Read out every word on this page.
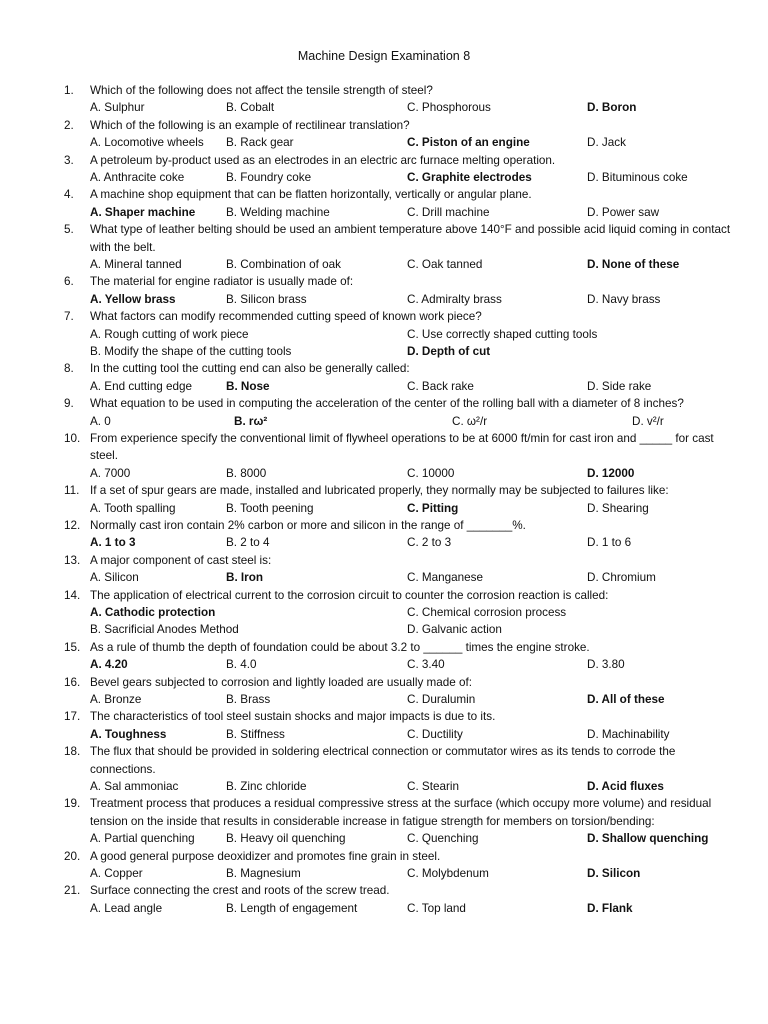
Machine Design Examination 8
1.	Which of the following does not affect the tensile strength of steel?
A. Sulphur	B. Cobalt	C. Phosphorous	D. Boron
2.	Which of the following is an example of rectilinear translation?
A. Locomotive wheels B. Rack gear	C. Piston of an engine	D. Jack
3.	A petroleum by-product used as an electrodes in an electric arc furnace melting operation.
A. Anthracite coke	B. Foundry coke	C. Graphite electrodes	D. Bituminous coke
4.	A machine shop equipment that can be flatten horizontally, vertically or angular plane.
A. Shaper machine	B. Welding machine	C. Drill machine	D. Power saw
5.	What type of leather belting should be used an ambient temperature above 140°F and possible acid liquid coming in contact with the belt.
A. Mineral tanned	B. Combination of oak	C. Oak tanned	D. None of these
6.	The material for engine radiator is usually made of:
A. Yellow brass	B. Silicon brass	C. Admiralty brass	D. Navy brass
7.	What factors can modify recommended cutting speed of known work piece?
A. Rough cutting of work piece	C. Use correctly shaped cutting tools
B. Modify the shape of the cutting tools	D. Depth of cut
8.	In the cutting tool the cutting end can also be generally called:
A. End cutting edge	B. Nose	C. Back rake	D. Side rake
9.	What equation to be used in computing the acceleration of the center of the rolling ball with a diameter of 8 inches?
A. 0	B. rω²	C. ω²/r	D. v²/r
10. From experience specify the conventional limit of flywheel operations to be at 6000 ft/min for cast iron and _____ for cast steel.
A. 7000	B. 8000	C. 10000	D. 12000
11. If a set of spur gears are made, installed and lubricated properly, they normally may be subjected to failures like:
A. Tooth spalling	B. Tooth peening	C. Pitting	D. Shearing
12. Normally cast iron contain 2% carbon or more and silicon in the range of _______%.
A. 1 to 3	B. 2 to 4	C. 2 to 3	D. 1 to 6
13. A major component of cast steel is:
A. Silicon	B. Iron	C. Manganese	D. Chromium
14. The application of electrical current to the corrosion circuit to counter the corrosion reaction is called:
A. Cathodic protection	C. Chemical corrosion process
B. Sacrificial Anodes Method	D. Galvanic action
15. As a rule of thumb the depth of foundation could be about 3.2 to ______ times the engine stroke.
A. 4.20	B. 4.0	C. 3.40	D. 3.80
16. Bevel gears subjected to corrosion and lightly loaded are usually made of:
A. Bronze	B. Brass	C. Duralumin	D. All of these
17. The characteristics of tool steel sustain shocks and major impacts is due to its.
A. Toughness	B. Stiffness	C. Ductility	D. Machinability
18. The flux that should be provided in soldering electrical connection or commutator wires as its tends to corrode the connections.
A. Sal ammoniac	B. Zinc chloride	C. Stearin	D. Acid fluxes
19. Treatment process that produces a residual compressive stress at the surface (which occupy more volume) and residual tension on the inside that results in considerable increase in fatigue strength for members on torsion/bending:
A. Partial quenching	B. Heavy oil quenching	C. Quenching	D. Shallow quenching
20. A good general purpose deoxidizer and promotes fine grain in steel.
A. Copper	B. Magnesium	C. Molybdenum	D. Silicon
21. Surface connecting the crest and roots of the screw tread.
A. Lead angle	B. Length of engagement	C. Top land	D. Flank
